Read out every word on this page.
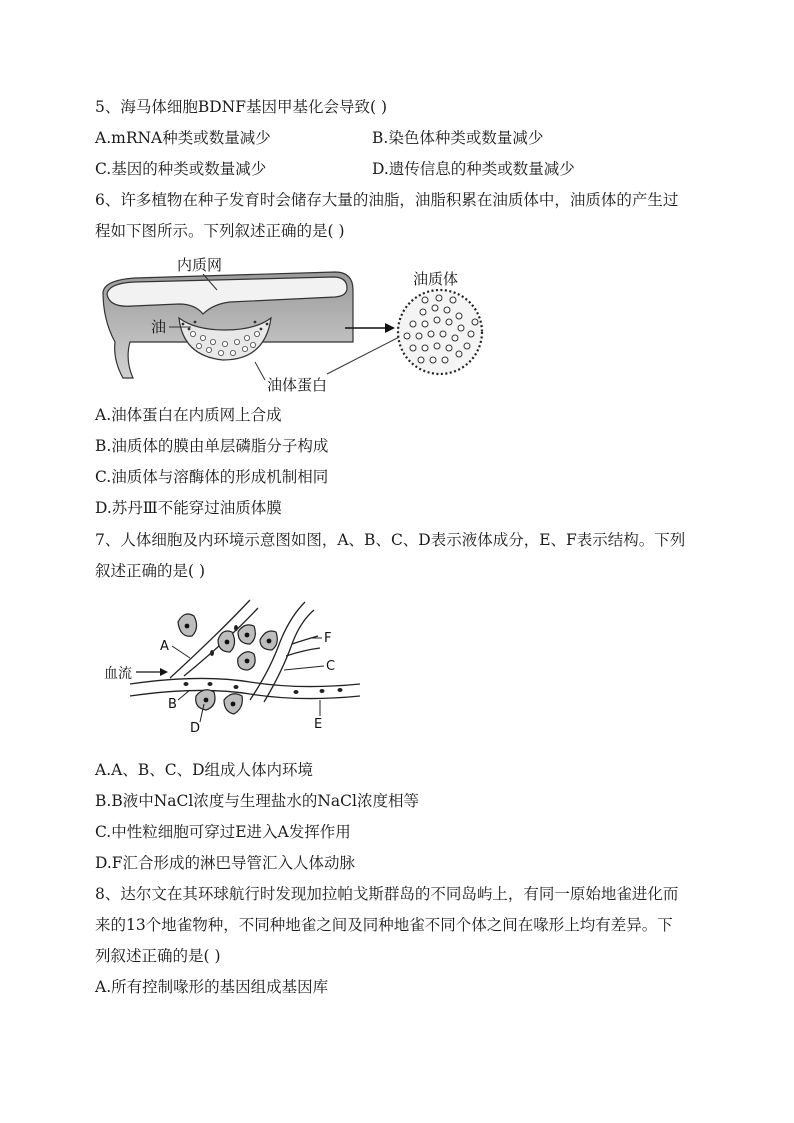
5、海马体细胞BDNF基因甲基化会导致( )
A.mRNA种类或数量减少	B.染色体种类或数量减少
C.基因的种类或数量减少	D.遗传信息的种类或数量减少
6、许多植物在种子发育时会储存大量的油脂，油脂积累在油质体中，油质体的产生过
程如下图所示。下列叙述正确的是( )
内质网
油
油体蛋白
油质体
A.油体蛋白在内质网上合成
B.油质体的膜由单层磷脂分子构成
C.油质体与溶酶体的形成机制相同
D.苏丹Ⅲ不能穿过油质体膜
7、人体细胞及内环境示意图如图，A、B、C、D表示液体成分，E、F表示结构。下列
叙述正确的是( )
血流
A
B
D	E
F
C
A.A、B、C、D组成人体内环境
B.B液中NaCl浓度与生理盐水的NaCl浓度相等
C.中性粒细胞可穿过E进入A发挥作用
D.F汇合形成的淋巴导管汇入人体动脉
8、达尔文在其环球航行时发现加拉帕戈斯群岛的不同岛屿上，有同一原始地雀进化而
来的13个地雀物种，不同种地雀之间及同种地雀不同个体之间在喙形上均有差异。下
列叙述正确的是( )
A.所有控制喙形的基因组成基因库
